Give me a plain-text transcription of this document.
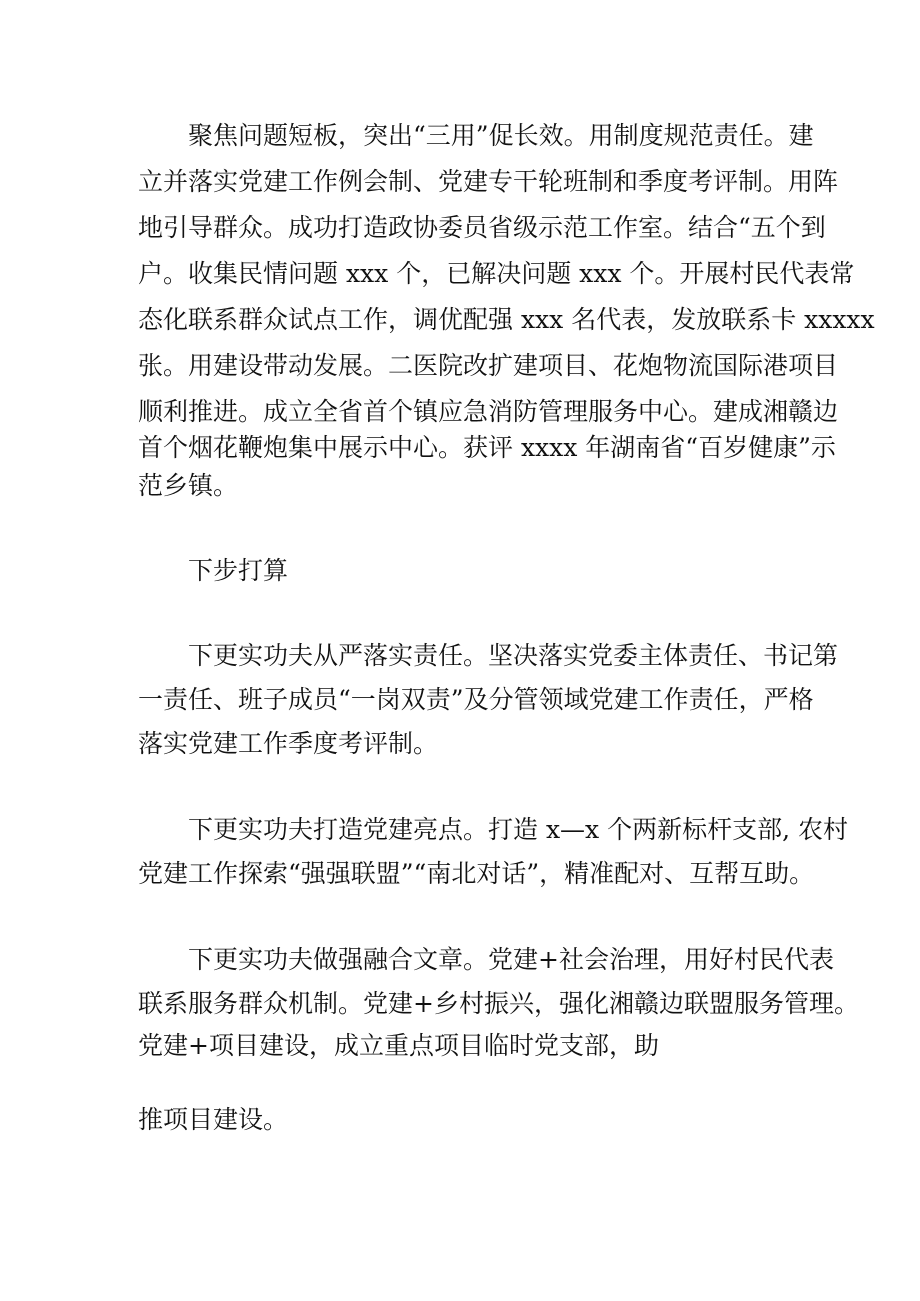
聚焦问题短板，突出“三用”促长效。用制度规范责任。建

立并落实党建工作例会制、党建专干轮班制和季度考评制。用阵

地引导群众。成功打造政协委员省级示范工作室。结合“五个到

户。收集民情问题 xxx 个，已解决问题 xxx 个。开展村民代表常

态化联系群众试点工作，调优配强 xxx 名代表，发放联系卡 xxxxx

张。用建设带动发展。二医院改扩建项目、花炮物流国际港项目

顺利推进。成立全省首个镇应急消防管理服务中心。建成湘赣边

首个烟花鞭炮集中展示中心。获评 xxxx 年湖南省“百岁健康”示

范乡镇。

下步打算

下更实功夫从严落实责任。坚决落实党委主体责任、书记第

一责任、班子成员“一岗双责”及分管领域党建工作责任，严格

落实党建工作季度考评制。

下更实功夫打造党建亮点。打造 x—x 个两新标杆支部, 农村

党建工作探索“强强联盟”“南北对话”，精准配对、互帮互助。

下更实功夫做强融合文章。党建+社会治理，用好村民代表

联系服务群众机制。党建+乡村振兴，强化湘赣边联盟服务管理。

党建+项目建设，成立重点项目临时党支部，助

推项目建设。
